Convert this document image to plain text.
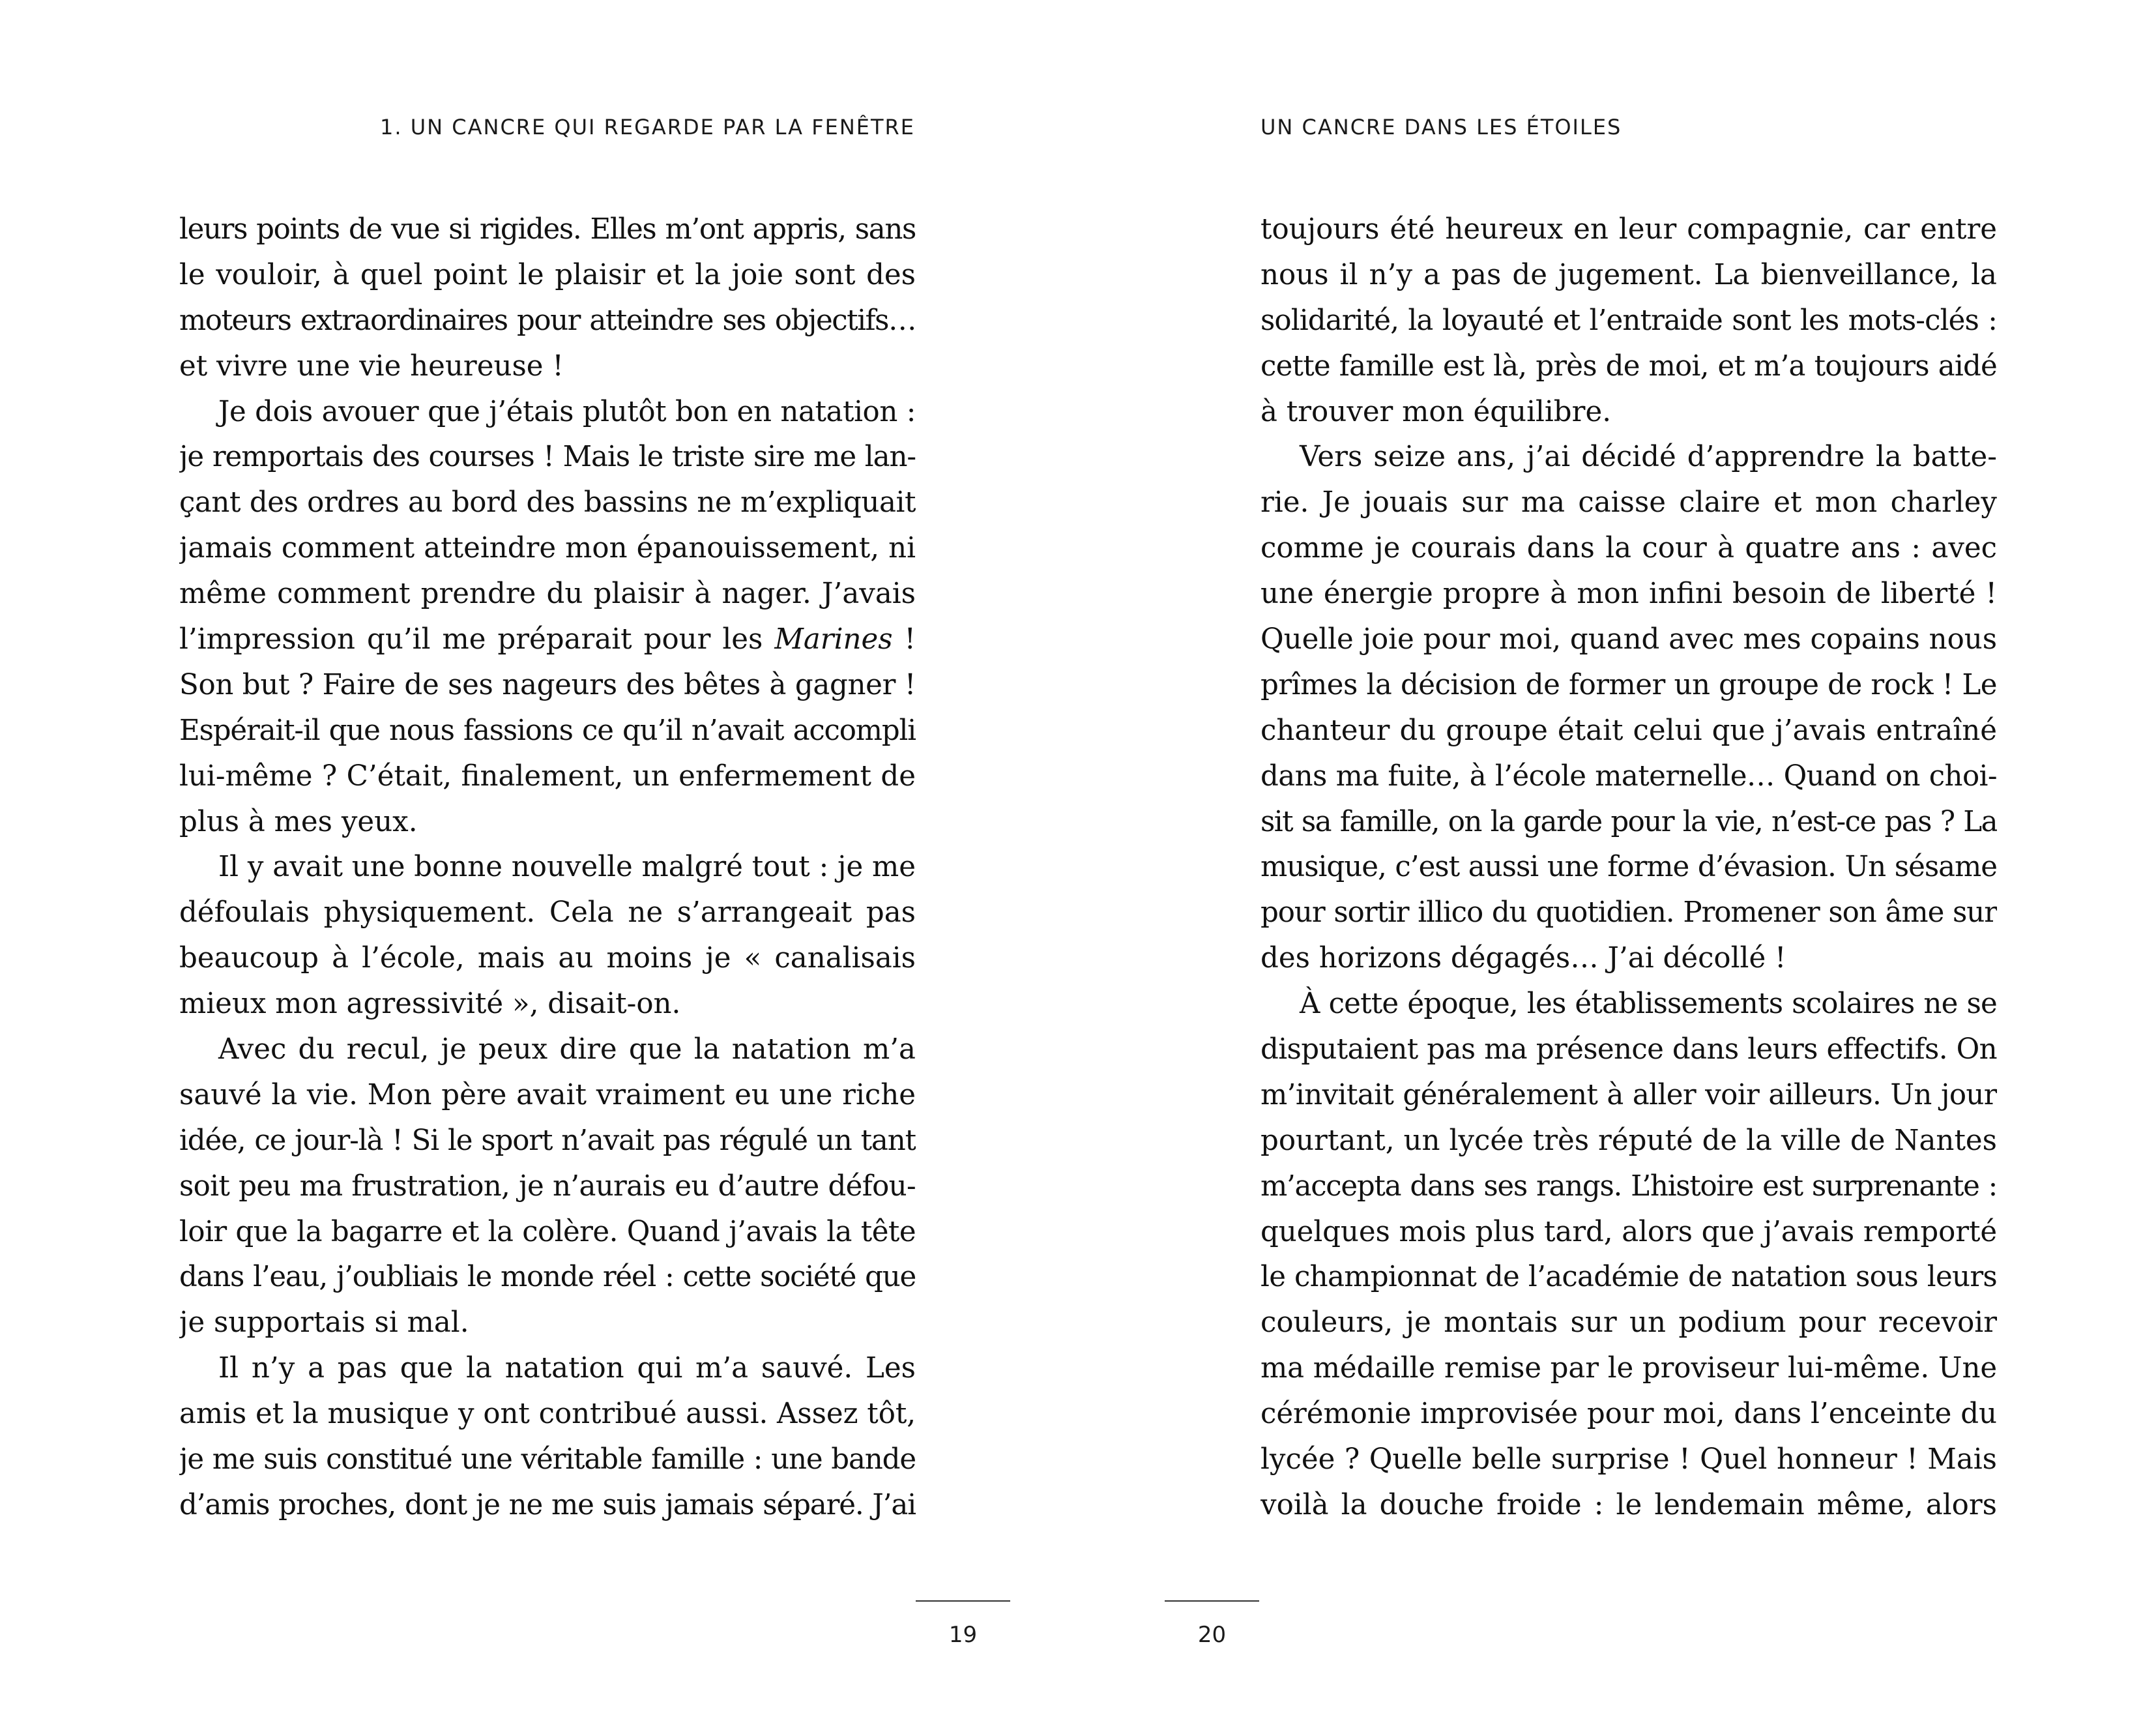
1. UN CANCRE QUI REGARDE PAR LA FENÊTRE
leurs points de vue si rigides. Elles m’ont appris, sans
le vouloir, à quel point le plaisir et la joie sont des
moteurs extraordinaires pour atteindre ses objectifs…
et vivre une vie heureuse !
Je dois avouer que j’étais plutôt bon en natation :
je remportais des courses ! Mais le triste sire me lan-
çant des ordres au bord des bassins ne m’expliquait
jamais comment atteindre mon épanouissement, ni
même comment prendre du plaisir à nager. J’avais
l’impression qu’il me préparait pour les Marines !
Son but ? Faire de ses nageurs des bêtes à gagner !
Espérait-il que nous fassions ce qu’il n’avait accompli
lui-même ? C’était, finalement, un enfermement de
plus à mes yeux.
Il y avait une bonne nouvelle malgré tout : je me
défoulais physiquement. Cela ne s’arrangeait pas
beaucoup à l’école, mais au moins je « canalisais
mieux mon agressivité », disait-on.
Avec du recul, je peux dire que la natation m’a
sauvé la vie. Mon père avait vraiment eu une riche
idée, ce jour-là ! Si le sport n’avait pas régulé un tant
soit peu ma frustration, je n’aurais eu d’autre défou-
loir que la bagarre et la colère. Quand j’avais la tête
dans l’eau, j’oubliais le monde réel : cette société que
je supportais si mal.
Il n’y a pas que la natation qui m’a sauvé. Les
amis et la musique y ont contribué aussi. Assez tôt,
je me suis constitué une véritable famille : une bande
d’amis proches, dont je ne me suis jamais séparé. J’ai
19
UN CANCRE DANS LES ÉTOILES
toujours été heureux en leur compagnie, car entre
nous il n’y a pas de jugement. La bienveillance, la
solidarité, la loyauté et l’entraide sont les mots-clés :
cette famille est là, près de moi, et m’a toujours aidé
à trouver mon équilibre.
Vers seize ans, j’ai décidé d’apprendre la batte-
rie. Je jouais sur ma caisse claire et mon charley
comme je courais dans la cour à quatre ans : avec
une énergie propre à mon infini besoin de liberté !
Quelle joie pour moi, quand avec mes copains nous
prîmes la décision de former un groupe de rock ! Le
chanteur du groupe était celui que j’avais entraîné
dans ma fuite, à l’école maternelle… Quand on choi-
sit sa famille, on la garde pour la vie, n’est-ce pas ? La
musique, c’est aussi une forme d’évasion. Un sésame
pour sortir illico du quotidien. Promener son âme sur
des horizons dégagés… J’ai décollé !
À cette époque, les établissements scolaires ne se
disputaient pas ma présence dans leurs effectifs. On
m’invitait généralement à aller voir ailleurs. Un jour
pourtant, un lycée très réputé de la ville de Nantes
m’accepta dans ses rangs. L’histoire est surprenante :
quelques mois plus tard, alors que j’avais remporté
le championnat de l’académie de natation sous leurs
couleurs, je montais sur un podium pour recevoir
ma médaille remise par le proviseur lui-même. Une
cérémonie improvisée pour moi, dans l’enceinte du
lycée ? Quelle belle surprise ! Quel honneur ! Mais
voilà la douche froide : le lendemain même, alors
20
